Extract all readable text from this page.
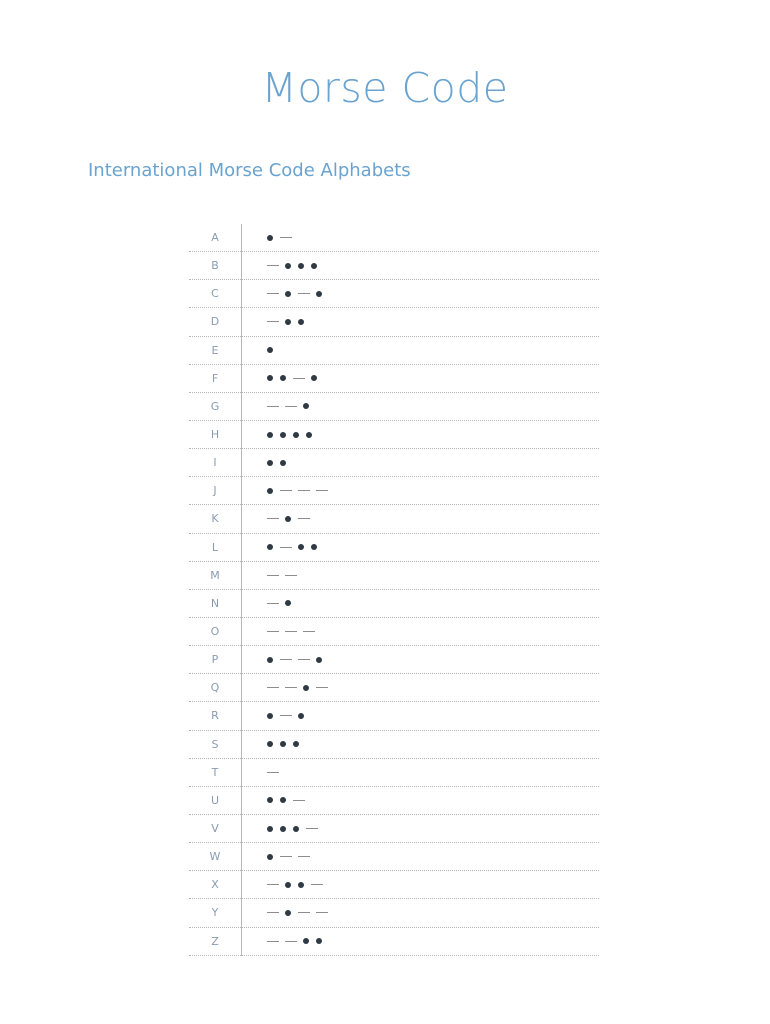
Morse Code
International Morse Code Alphabets
A
B
C
D
E
F
G
H
I
J
K
L
M
N
O
P
Q
R
S
T
U
V
W
X
Y
Z
